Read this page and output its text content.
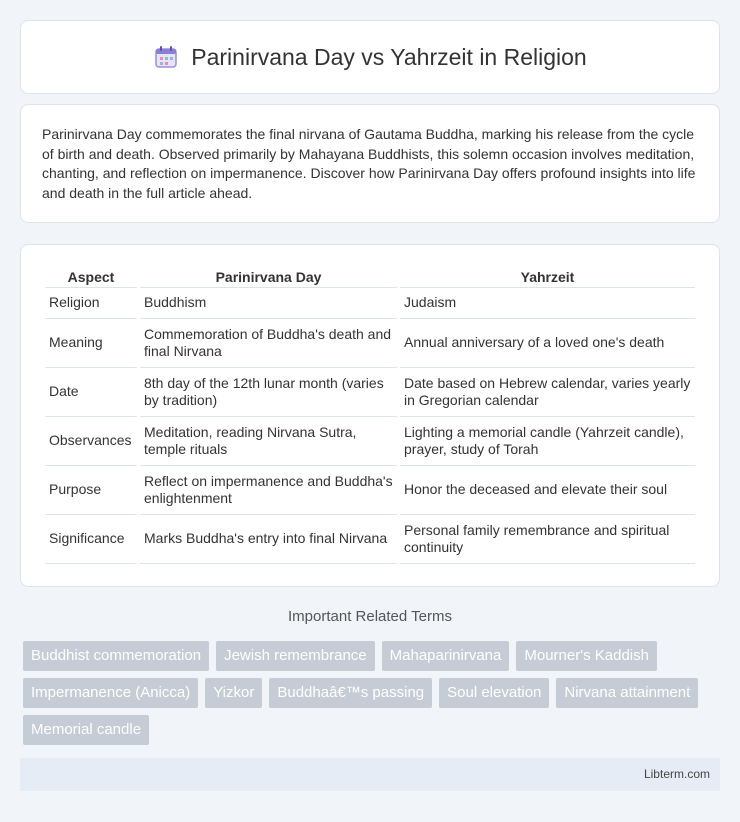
Parinirvana Day vs Yahrzeit in Religion

Parinirvana Day commemorates the final nirvana of Gautama Buddha, marking his release from the cycle of birth and death. Observed primarily by Mahayana Buddhists, this solemn occasion involves meditation, chanting, and reflection on impermanence. Discover how Parinirvana Day offers profound insights into life and death in the full article ahead.

Aspect	Parinirvana Day	Yahrzeit
Religion	Buddhism	Judaism
Meaning	Commemoration of Buddha's death and final Nirvana	Annual anniversary of a loved one's death
Date	8th day of the 12th lunar month (varies by tradition)	Date based on Hebrew calendar, varies yearly in Gregorian calendar
Observances	Meditation, reading Nirvana Sutra, temple rituals	Lighting a memorial candle (Yahrzeit candle), prayer, study of Torah
Purpose	Reflect on impermanence and Buddha's enlightenment	Honor the deceased and elevate their soul
Significance	Marks Buddha's entry into final Nirvana	Personal family remembrance and spiritual continuity
Important Related Terms
Buddhist commemoration	Jewish remembrance	Mahaparinirvana	Mourner's Kaddish
Impermanence (Anicca)	Yizkor	Buddhaâ€™s passing	Soul elevation	Nirvana attainment
Memorial candle
Libterm.com
